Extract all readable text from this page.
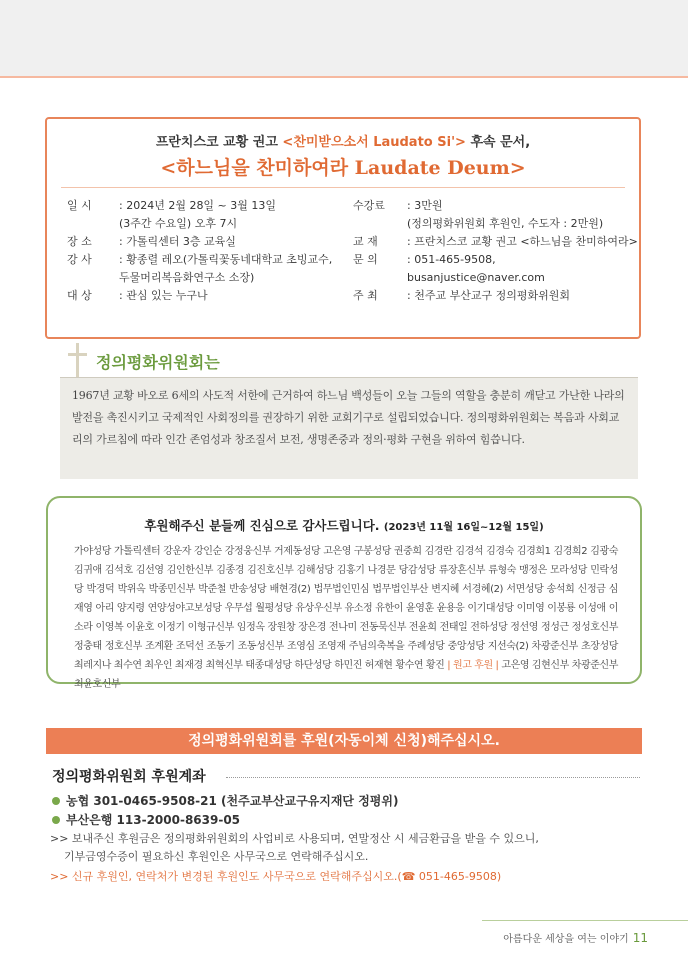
프란치스코 교황 권고 <찬미받으소서 Laudato Si'> 후속 문서,
<하느님을 찬미하여라 Laudate Deum>
일 시	: 2024년 2월 28일 ~ 3월 13일
(3주간 수요일) 오후 7시
장 소	: 가톨릭센터 3층 교육실
강 사	: 황종렬 레오(가톨릭꽃동네대학교 초빙교수,
두물머리복음화연구소 소장)
대 상	: 관심 있는 누구나
수강료	: 3만원
(정의평화위원회 후원인, 수도자 : 2만원)
교 재	: 프란치스코 교황 권고 <하느님을 찬미하여라>
문 의	: 051-465-9508,
busanjustice@naver.com
주 최	: 천주교 부산교구 정의평화위원회
정의평화위원회는
1967년 교황 바오로 6세의 사도적 서한에 근거하여 하느님 백성들이 오늘 그들의 역할을 충분히 깨닫고 가난한 나라의 발전을 촉진시키고 국제적인 사회정의를 권장하기 위한 교회기구로 설립되었습니다. 정의평화위원회는 복음과 사회교리의 가르침에 따라 인간 존엄성과 창조질서 보전, 생명존중과 정의·평화 구현을 위하여 힘씁니다.
후원해주신 분들께 진심으로 감사드립니다. (2023년 11월 16일~12월 15일)
가야성당 가톨릭센터 강운자 강인순 강정웅신부 거제동성당 고은영 구봉성당 권중희 김경란 김경석 김경숙 김경희1 김경희2 김광숙 김귀애 김석호 김선영 김인한신부 김종경 김진호신부 김해성당 김홍기 나경문 당감성당 류장흔신부 류형숙 맹정은 모라성당 민락성당 박경덕 박위옥 박종민신부 박준철 반송성당 배현경(2) 법무법인민심 법무법인부산 변지혜 서경혜(2) 서면성당 송석희 신정금 심재영 아리 양지령 연양성야고보성당 우무섭 월평성당 유상우신부 유소정 유한이 윤영훈 윤용응 이기대성당 이미영 이봉룡 이성애 이소라 이영복 이윤호 이정기 이형규신부 임정옥 장원창 장은경 전나미 전동묵신부 전윤희 전태일 전하성당 정선영 정성근 정성호신부 정충태 정호신부 조계환 조덕선 조동기 조동성신부 조영심 조영재 주님의축복을 주례성당 중앙성당 지선숙(2) 차광준신부 초장성당 최레지나 최수연 최우인 최재경 최혁신부 태종대성당 하단성당 하민진 허재현 황수연 황진 | 원고 후원 | 고은영 김현신부 차광준신부 최윤호신부
정의평화위원회를 후원(자동이체 신청)해주십시오.
정의평화위원회 후원계좌
농협 301-0465-9508-21 (천주교부산교구유지재단 정평위)
부산은행 113-2000-8639-05
>> 보내주신 후원금은 정의평화위원회의 사업비로 사용되며, 연말정산 시 세금환급을 받을 수 있으니,
기부금영수증이 필요하신 후원인은 사무국으로 연락해주십시오.
>> 신규 후원인, 연락처가 변경된 후원인도 사무국으로 연락해주십시오.(☎ 051-465-9508)
아름다운 세상을 여는 이야기 11
